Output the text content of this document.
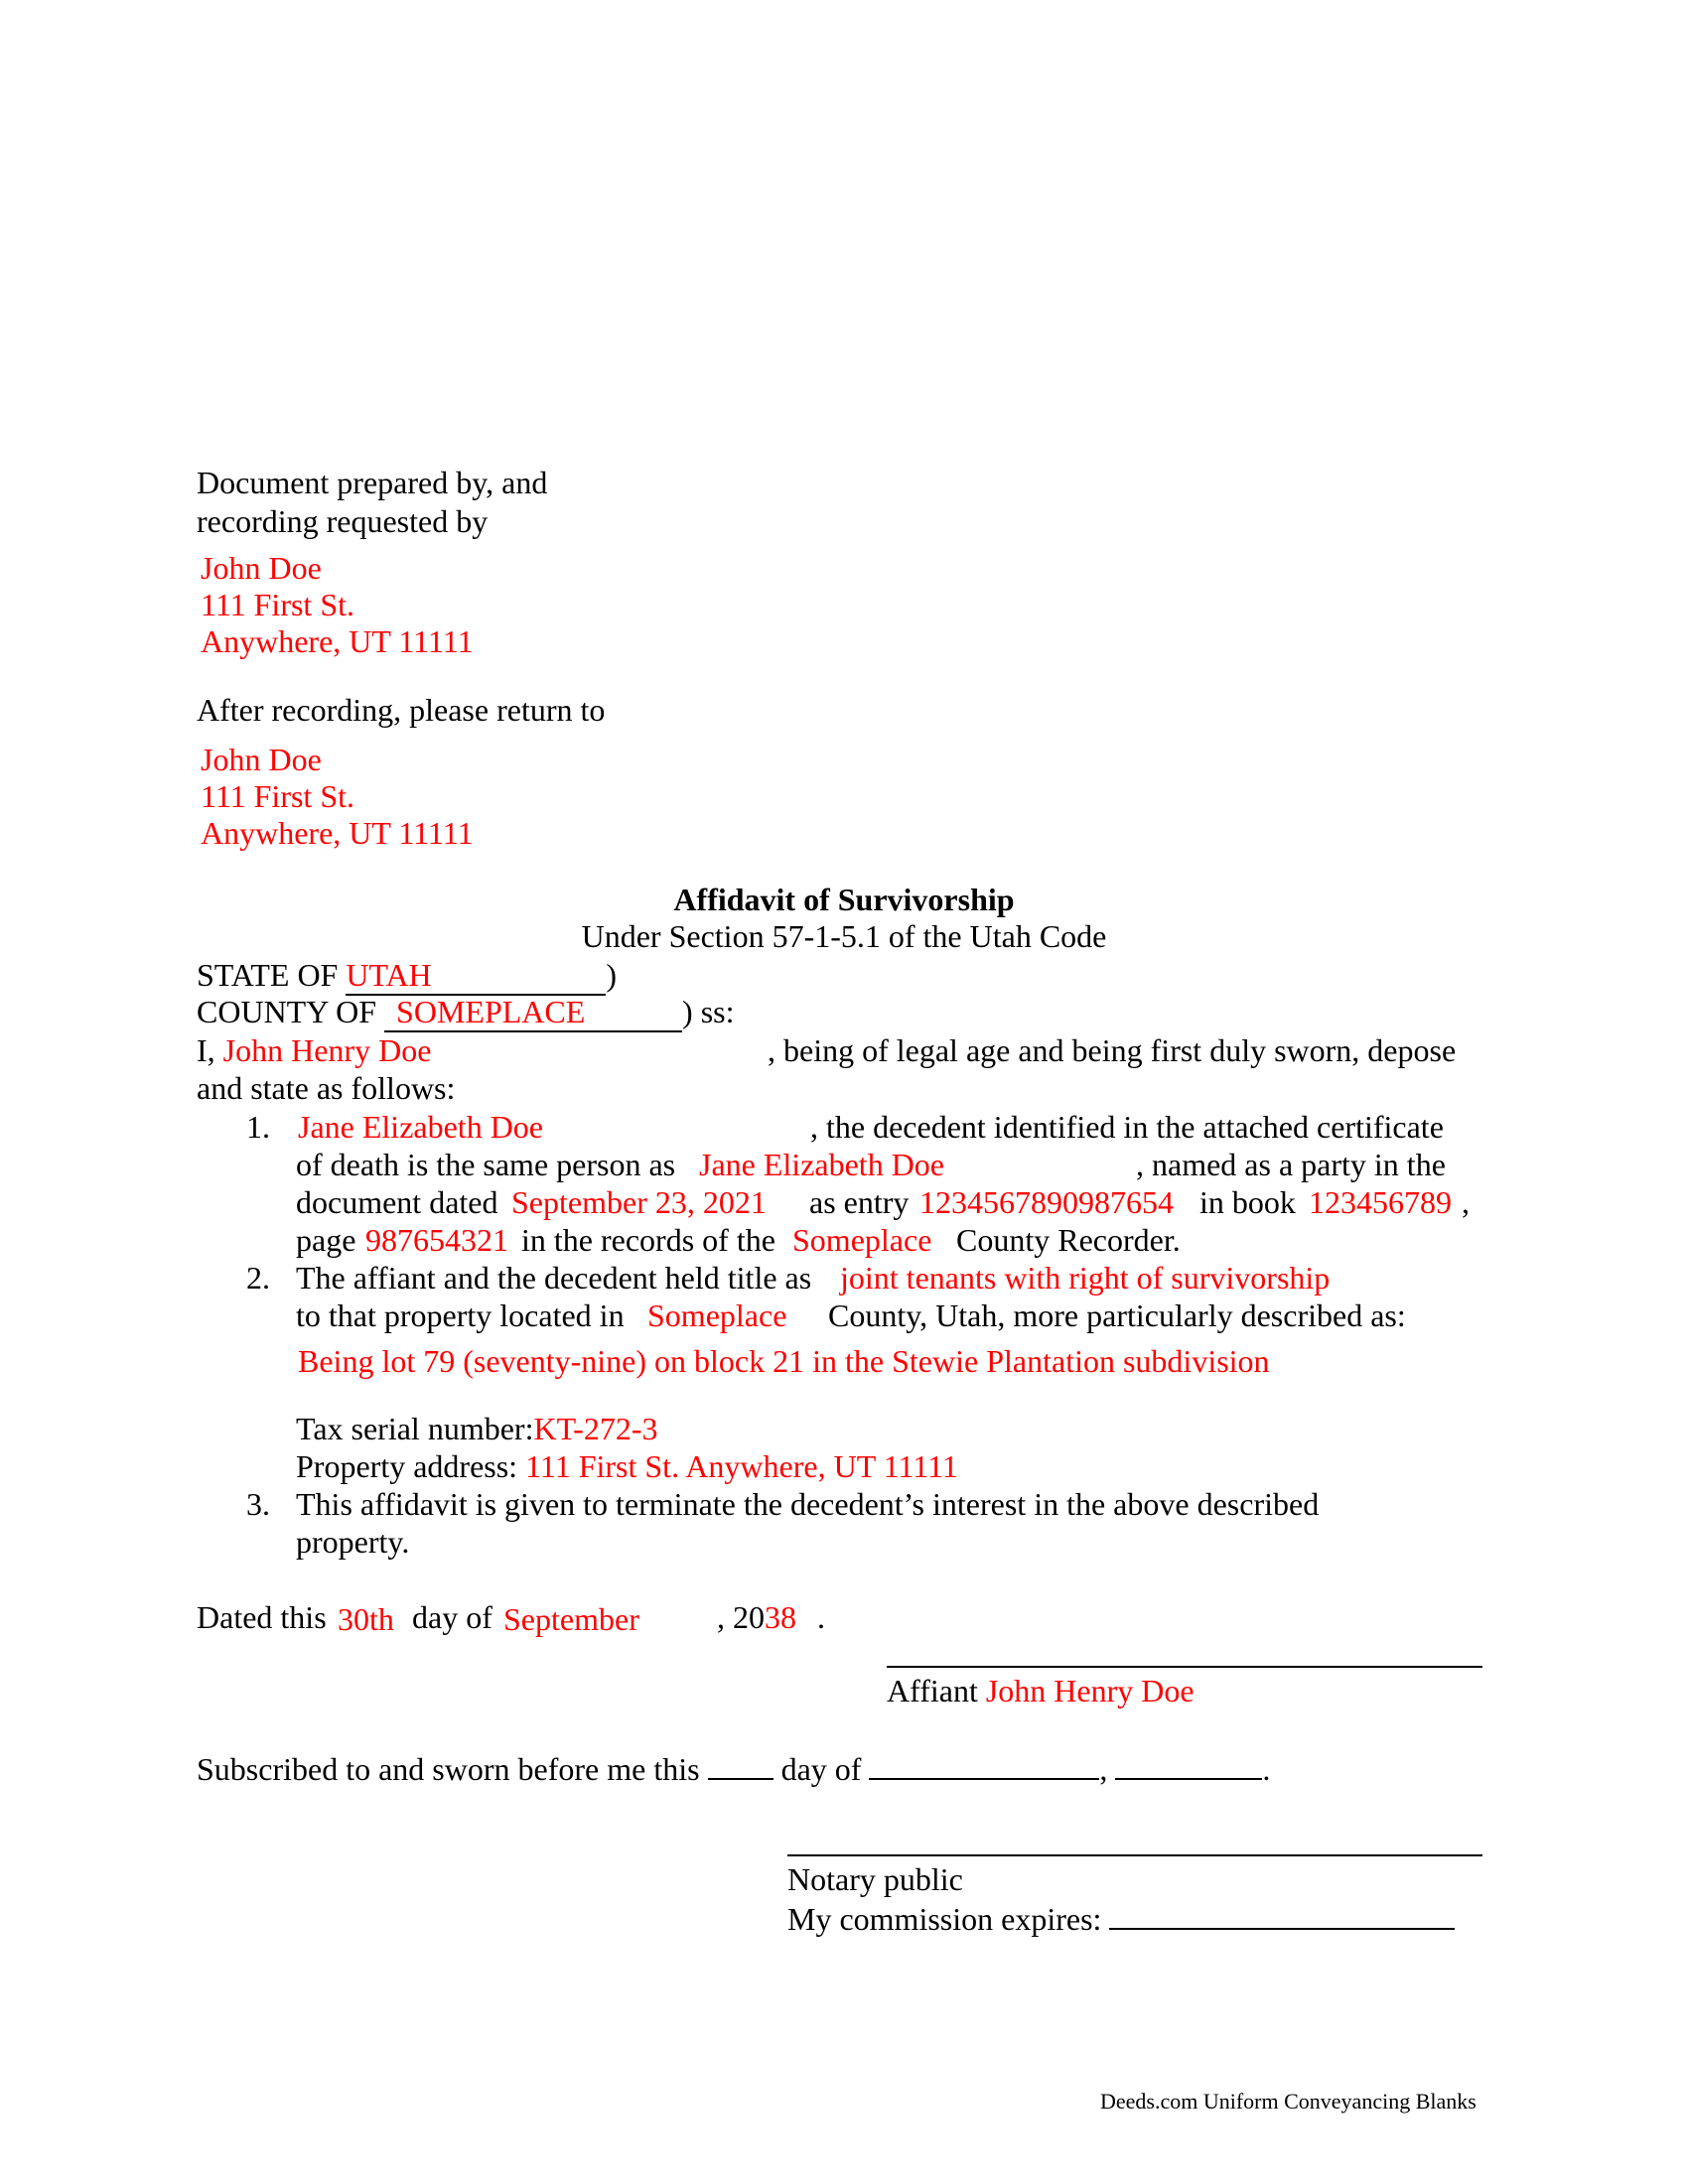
Document prepared by, and
recording requested by
John Doe
111 First St.
Anywhere, UT 11111
After recording, please return to
John Doe
111 First St.
Anywhere, UT 11111
Affidavit of Survivorship
Under Section 57-1-5.1 of the Utah Code
STATE OF UTAH	)
COUNTY OF SOMEPLACE	) ss:
I, John Henry Doe	, being of legal age and being first duly sworn, depose
and state as follows:
1. Jane Elizabeth Doe	, the decedent identified in the attached certificate
of death is the same person as Jane Elizabeth Doe	, named as a party in the
document dated September 23, 2021 as entry 1234567890987654 in book 123456789 ,
page 987654321 in the records of the Someplace County Recorder.
2. The affiant and the decedent held title as joint tenants with right of survivorship
to that property located in Someplace County, Utah, more particularly described as:
Being lot 79 (seventy-nine) on block 21 in the Stewie Plantation subdivision
Tax serial number:KT-272-3
Property address: 111 First St. Anywhere, UT 11111
3. This affidavit is given to terminate the decedent’s interest in the above described
property.
Dated this 30th day of September , 2038 .
Affiant John Henry Doe
Subscribed to and sworn before me this	day of	,	.
Notary public
My commission expires:
Deeds.com Uniform Conveyancing Blanks
